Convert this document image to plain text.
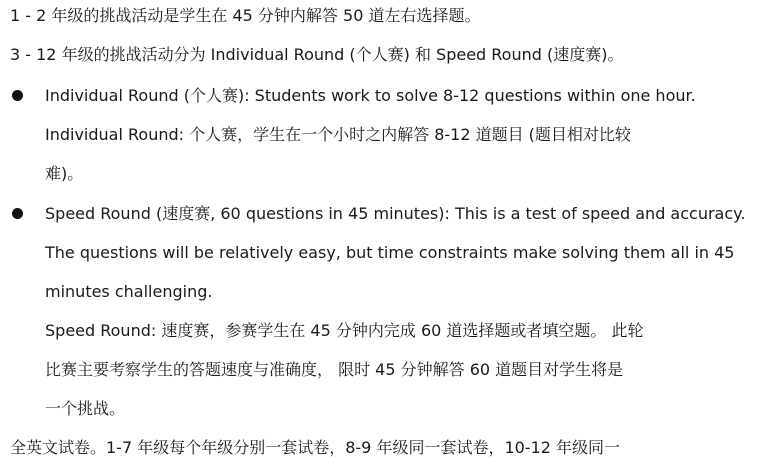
1 - 2 年级的挑战活动是学生在 45 分钟内解答 50 道左右选择题。
3 - 12 年级的挑战活动分为 Individual Round (个人赛) 和 Speed Round (速度赛)。
Individual Round (个人赛): Students work to solve 8-12 questions within one hour.
Individual Round: 个人赛，学生在一个小时之内解答 8-12 道题目 (题目相对比较
难)。
Speed Round (速度赛, 60 questions in 45 minutes): This is a test of speed and accuracy.
The questions will be relatively easy, but time constraints make solving them all in 45
minutes challenging.
Speed Round: 速度赛，参赛学生在 45 分钟内完成 60 道选择题或者填空题。 此轮
比赛主要考察学生的答题速度与准确度， 限时 45 分钟解答 60 道题目对学生将是
一个挑战。
全英文试卷。1-7 年级每个年级分别一套试卷，8-9 年级同一套试卷，10-12 年级同一
